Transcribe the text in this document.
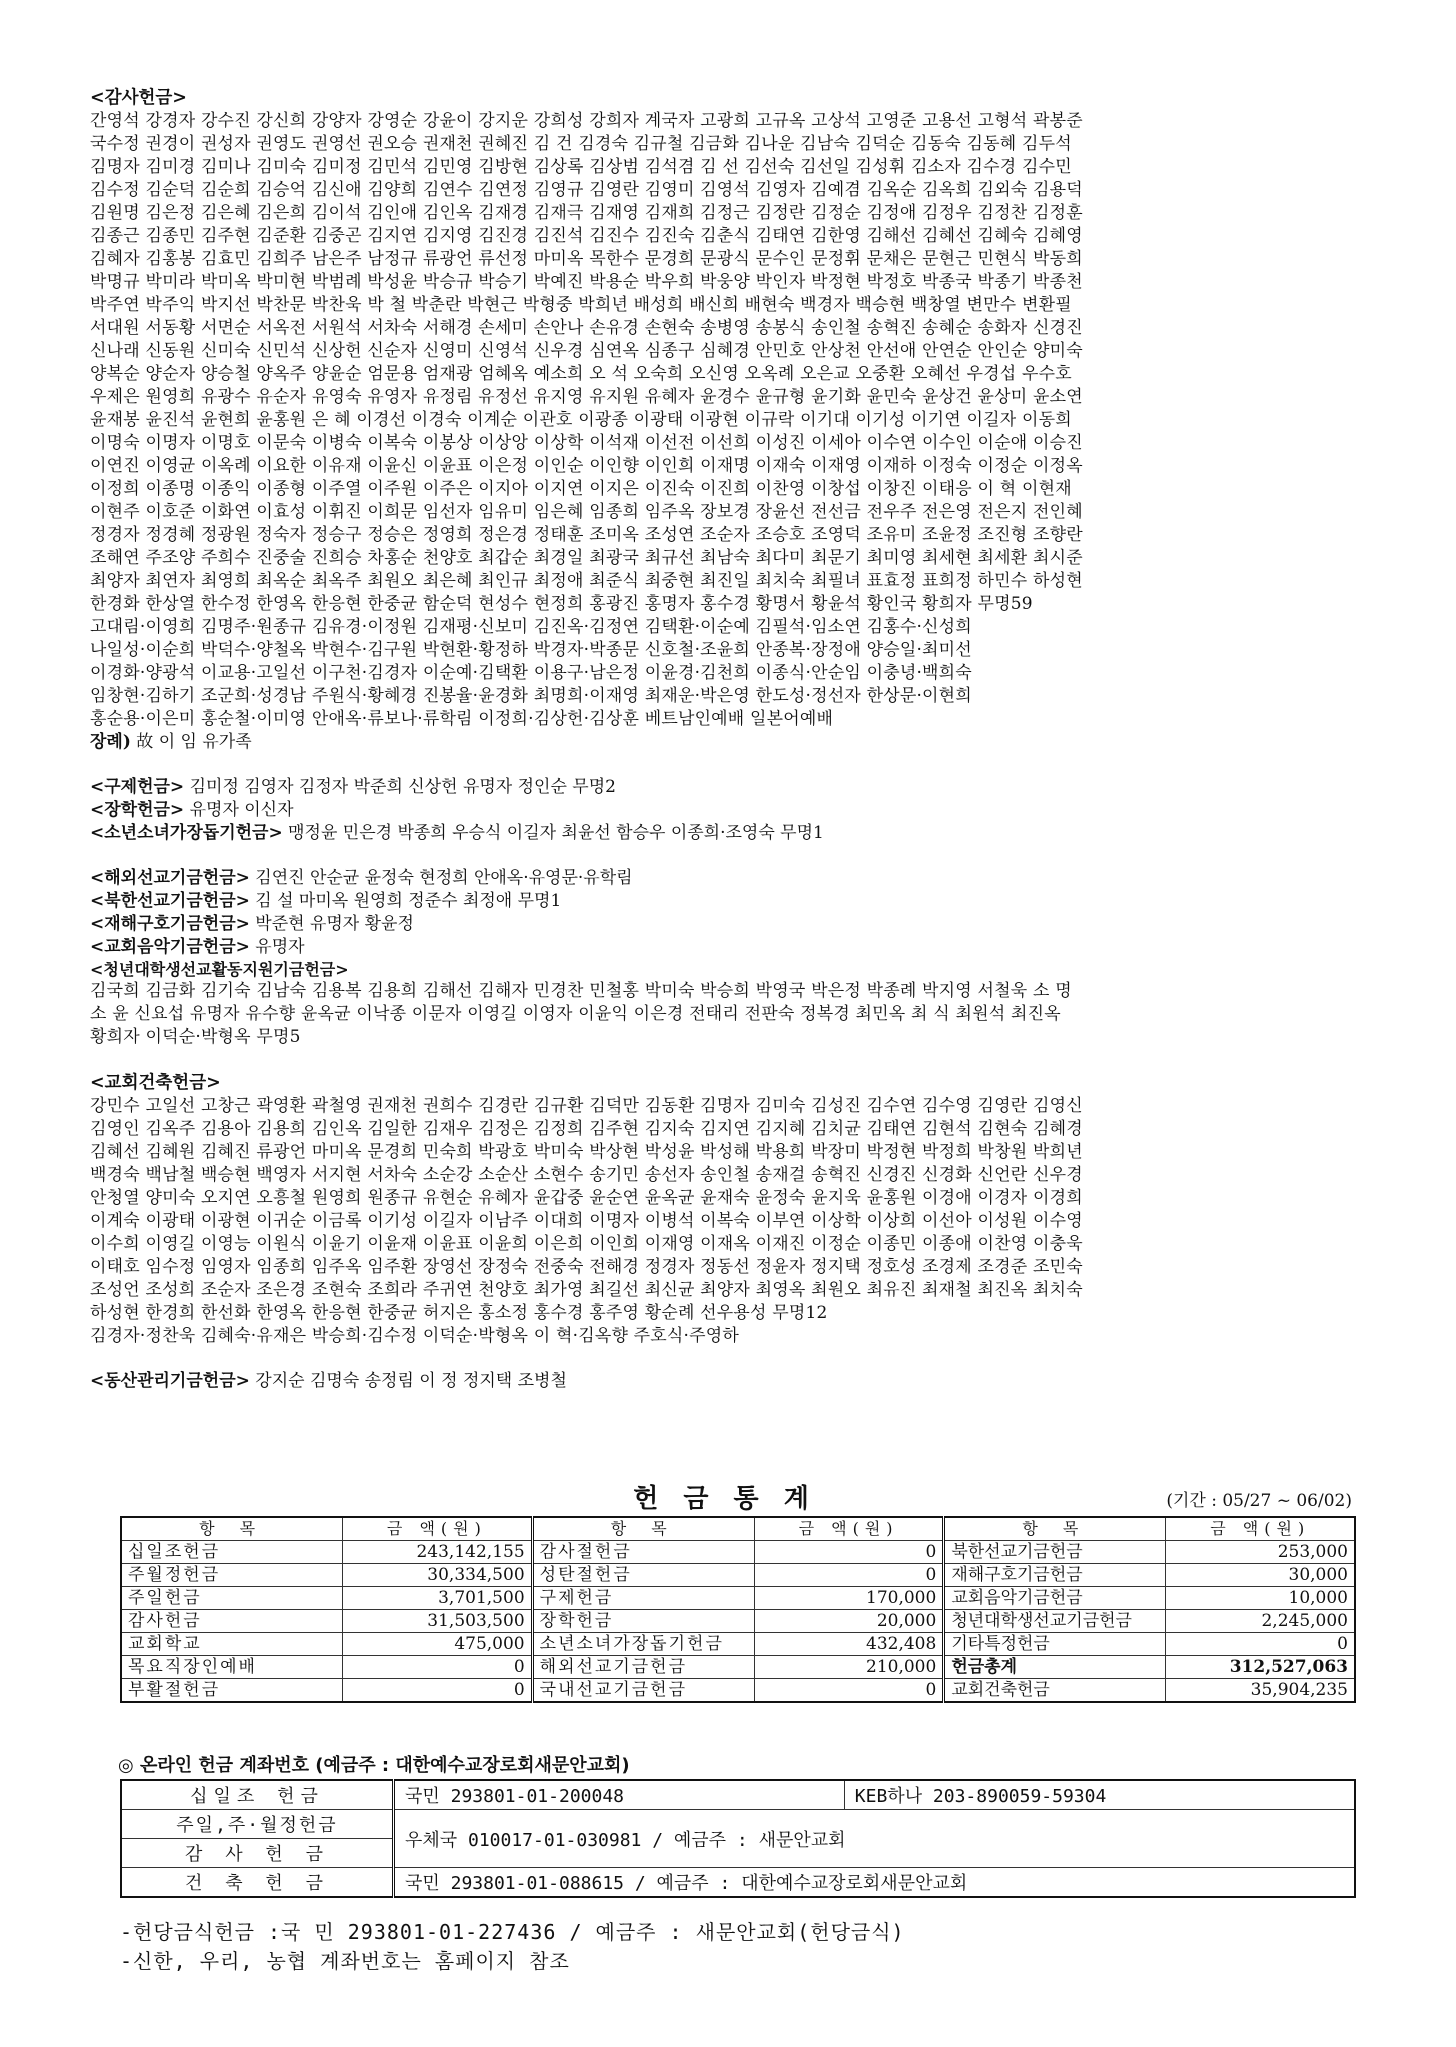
<감사헌금>
간영석 강경자 강수진 강신희 강양자 강영순 강윤이 강지운 강희성 강희자 계국자 고광희 고규옥 고상석 고영준 고용선 고형석 곽봉준
국수정 권경이 권성자 권영도 권영선 권오승 권재천 권혜진 김 건 김경숙 김규철 김금화 김나운 김남숙 김덕순 김동숙 김동혜 김두석
김명자 김미경 김미나 김미숙 김미정 김민석 김민영 김방현 김상록 김상범 김석겸 김 선 김선숙 김선일 김성휘 김소자 김수경 김수민
김수정 김순덕 김순희 김승억 김신애 김양희 김연수 김연정 김영규 김영란 김영미 김영석 김영자 김예겸 김옥순 김옥희 김외숙 김용덕
김원명 김은정 김은혜 김은희 김이석 김인애 김인옥 김재경 김재극 김재영 김재희 김정근 김정란 김정순 김정애 김정우 김정찬 김정훈
김종근 김종민 김주현 김준환 김중곤 김지연 김지영 김진경 김진석 김진수 김진숙 김춘식 김태연 김한영 김해선 김혜선 김혜숙 김혜영
김혜자 김홍봉 김효민 김희주 남은주 남정규 류광언 류선정 마미옥 목한수 문경희 문광식 문수인 문정휘 문채은 문현근 민현식 박동희
박명규 박미라 박미옥 박미현 박범례 박성윤 박승규 박승기 박예진 박용순 박우희 박웅양 박인자 박정현 박정호 박종국 박종기 박종천
박주연 박주익 박지선 박찬문 박찬욱 박 철 박춘란 박현근 박형중 박희년 배성희 배신희 배현숙 백경자 백승현 백창열 변만수 변환필
서대원 서동황 서면순 서옥전 서원석 서차숙 서해경 손세미 손안나 손유경 손현숙 송병영 송봉식 송인철 송혁진 송혜순 송화자 신경진
신나래 신동원 신미숙 신민석 신상헌 신순자 신영미 신영석 신우경 심연옥 심종구 심혜경 안민호 안상천 안선애 안연순 안인순 양미숙
양복순 양순자 양승철 양옥주 양윤순 엄문용 엄재광 엄혜옥 예소희 오 석 오숙희 오신영 오옥례 오은교 오중환 오혜선 우경섭 우수호
우제은 원영희 유광수 유순자 유영숙 유영자 유정림 유정선 유지영 유지원 유혜자 윤경수 윤규형 윤기화 윤민숙 윤상건 윤상미 윤소연
윤재봉 윤진석 윤현희 윤홍원 은 혜 이경선 이경숙 이계순 이관호 이광종 이광태 이광현 이규락 이기대 이기성 이기연 이길자 이동희
이명숙 이명자 이명호 이문숙 이병숙 이복숙 이봉상 이상앙 이상학 이석재 이선전 이선희 이성진 이세아 이수연 이수인 이순애 이승진
이연진 이영균 이옥례 이요한 이유재 이윤신 이윤표 이은정 이인순 이인향 이인희 이재명 이재숙 이재영 이재하 이정숙 이정순 이정옥
이정희 이종명 이종익 이종형 이주열 이주원 이주은 이지아 이지연 이지은 이진숙 이진희 이찬영 이창섭 이창진 이태응 이 혁 이현재
이현주 이호준 이화연 이효성 이휘진 이희문 임선자 임유미 임은혜 임종희 임주옥 장보경 장윤선 전선금 전우주 전은영 전은지 전인혜
정경자 정경혜 정광원 정숙자 정승구 정승은 정영희 정은경 정태훈 조미옥 조성연 조순자 조승호 조영덕 조유미 조윤정 조진형 조향란
조해연 주조양 주희수 진중술 진희승 차홍순 천양호 최갑순 최경일 최광국 최규선 최남숙 최다미 최문기 최미영 최세현 최세환 최시준
최양자 최연자 최영희 최옥순 최옥주 최원오 최은혜 최인규 최정애 최준식 최중현 최진일 최치숙 최필녀 표효정 표희정 하민수 하성현
한경화 한상열 한수정 한영옥 한응현 한중균 함순덕 현성수 현정희 홍광진 홍명자 홍수경 황명서 황윤석 황인국 황희자 무명59
고대림·이영희 김명주·원종규 김유경·이정원 김재평·신보미 김진옥·김정연 김택환·이순예 김필석·임소연 김홍수·신성희
나일성·이순희 박덕수·양철옥 박현수·김구원 박현환·황정하 박경자·박종문 신호철·조윤희 안종복·장정애 양승일·최미선
이경화·양광석 이교용·고일선 이구천·김경자 이순예·김택환 이용구·남은정 이윤경·김천희 이종식·안순임 이충녕·백희숙
임창현·김하기 조군희·성경남 주원식·황혜경 진봉율·윤경화 최명희·이재영 최재운·박은영 한도성·정선자 한상문·이현희
홍순용·이은미 홍순철·이미영 안애옥·류보나·류학림 이정희·김상헌·김상훈 베트남인예배 일본어예배
장례) 故 이 임 유가족
<구제헌금> 김미정 김영자 김정자 박준희 신상헌 유명자 정인순 무명2
<장학헌금> 유명자 이신자
<소년소녀가장돕기헌금> 맹정윤 민은경 박종희 우승식 이길자 최윤선 함승우 이종희·조영숙 무명1
<해외선교기금헌금> 김연진 안순균 윤정숙 현정희 안애옥·유영문·유학림
<북한선교기금헌금> 김 설 마미옥 원영희 정준수 최정애 무명1
<재해구호기금헌금> 박준현 유명자 황윤정
<교회음악기금헌금> 유명자
<청년대학생선교활동지원기금헌금>
김국희 김금화 김기숙 김남숙 김용복 김용희 김해선 김해자 민경찬 민철홍 박미숙 박승희 박영국 박은정 박종례 박지영 서철욱 소 명
소 윤 신요섭 유명자 유수향 윤옥균 이낙종 이문자 이영길 이영자 이윤익 이은경 전태리 전판숙 정복경 최민옥 최 식 최원석 최진옥
황희자 이덕순·박형옥 무명5
<교회건축헌금>
강민수 고일선 고창근 곽영환 곽철영 권재천 권희수 김경란 김규환 김덕만 김동환 김명자 김미숙 김성진 김수연 김수영 김영란 김영신
김영인 김옥주 김용아 김용희 김인옥 김일한 김재우 김정은 김정희 김주현 김지숙 김지연 김지혜 김치균 김태연 김현석 김현숙 김혜경
김혜선 김혜원 김혜진 류광언 마미옥 문경희 민숙희 박광호 박미숙 박상현 박성윤 박성해 박용희 박장미 박정현 박정희 박창원 박희년
백경숙 백남철 백승현 백영자 서지현 서차숙 소순강 소순산 소현수 송기민 송선자 송인철 송재걸 송혁진 신경진 신경화 신언란 신우경
안청열 양미숙 오지연 오흥철 원영희 원종규 유현순 유혜자 윤갑중 윤순연 윤옥균 윤재숙 윤정숙 윤지욱 윤홍원 이경애 이경자 이경희
이계숙 이광태 이광현 이귀순 이금록 이기성 이길자 이남주 이대희 이명자 이병석 이복숙 이부연 이상학 이상희 이선아 이성원 이수영
이수희 이영길 이영능 이원식 이윤기 이윤재 이윤표 이윤희 이은희 이인희 이재영 이재옥 이재진 이정순 이종민 이종애 이찬영 이충욱
이태호 임수정 임영자 임종희 임주옥 임주환 장영선 장정숙 전중숙 전해경 정경자 정동선 정윤자 정지택 정호성 조경제 조경준 조민숙
조성언 조성희 조순자 조은경 조현숙 조희라 주귀연 천양호 최가영 최길선 최신균 최양자 최영옥 최원오 최유진 최재철 최진옥 최치숙
하성현 한경희 한선화 한영옥 한응현 한중균 허지은 홍소정 홍수경 홍주영 황순례 선우용성 무명12
김경자·정찬욱 김혜숙·유재은 박승희·김수정 이덕순·박형옥 이 혁·김옥향 주호식·주영하
<동산관리기금헌금> 강지순 김명숙 송정림 이 정 정지택 조병철
헌 금 통 계	(기간 : 05/27 ~ 06/02)
항 목	금 액(원)	항 목	금 액(원)	항 목	금 액(원)
십일조헌금	243,142,155	감사절헌금	0	북한선교기금헌금	253,000
주월정헌금	30,334,500	성탄절헌금	0	재해구호기금헌금	30,000
주일헌금	3,701,500	구제헌금	170,000	교회음악기금헌금	10,000
감사헌금	31,503,500	장학헌금	20,000	청년대학생선교기금헌금	2,245,000
교회학교	475,000	소년소녀가장돕기헌금	432,408	기타특정헌금	0
목요직장인예배	0	해외선교기금헌금	210,000	헌금총계	312,527,063
부활절헌금	0	국내선교기금헌금	0	교회건축헌금	35,904,235
◎ 온라인 헌금 계좌번호 (예금주 : 대한예수교장로회새문안교회)
십일조 헌금	국민 293801-01-200048	KEB하나 203-890059-59304
주일,주·월정헌금	우체국 010017-01-030981 / 예금주 : 새문안교회	
감 사 헌 금		
건 축 헌 금	국민 293801-01-088615 / 예금주 : 대한예수교장로회새문안교회	
-헌당금식헌금 :국 민 293801-01-227436 / 예금주 : 새문안교회(헌당금식)
-신한, 우리, 농협 계좌번호는 홈페이지 참조
